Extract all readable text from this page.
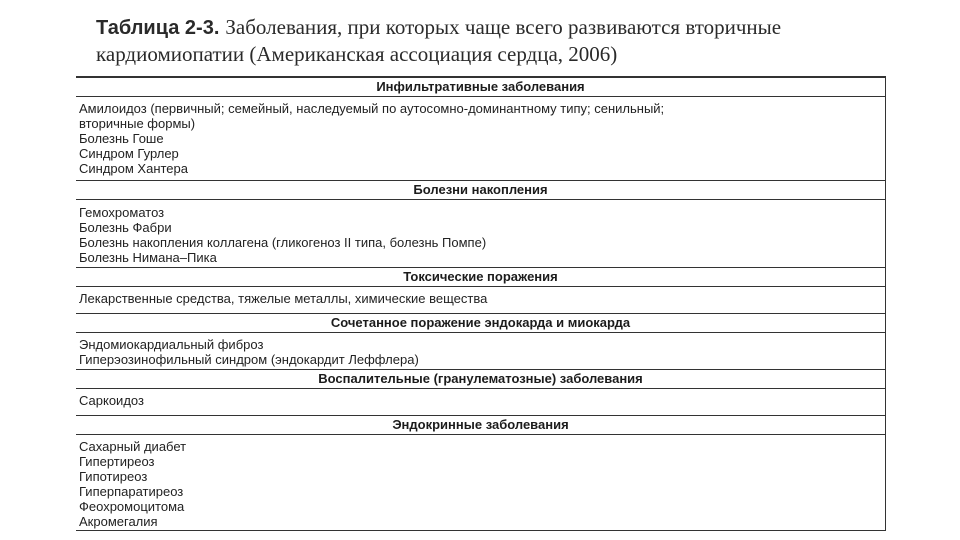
Таблица 2-3. Заболевания, при которых чаще всего развиваются вторичные
кардиомиопатии (Американская ассоциация сердца, 2006)
Инфильтративные заболевания
Амилоидоз (первичный; семейный, наследуемый по аутосомно-доминантному типу; сенильный;
вторичные формы)
Болезнь Гоше
Синдром Гурлер
Синдром Хантера
Болезни накопления
Гемохроматоз
Болезнь Фабри
Болезнь накопления коллагена (гликогеноз II типа, болезнь Помпе)
Болезнь Нимана–Пика
Токсические поражения
Лекарственные средства, тяжелые металлы, химические вещества
Сочетанное поражение эндокарда и миокарда
Эндомиокардиальный фиброз
Гиперэозинофильный синдром (эндокардит Леффлера)
Воспалительные (гранулематозные) заболевания
Саркоидоз
Эндокринные заболевания
Сахарный диабет
Гипертиреоз
Гипотиреоз
Гиперпаратиреоз
Феохромоцитома
Акромегалия
